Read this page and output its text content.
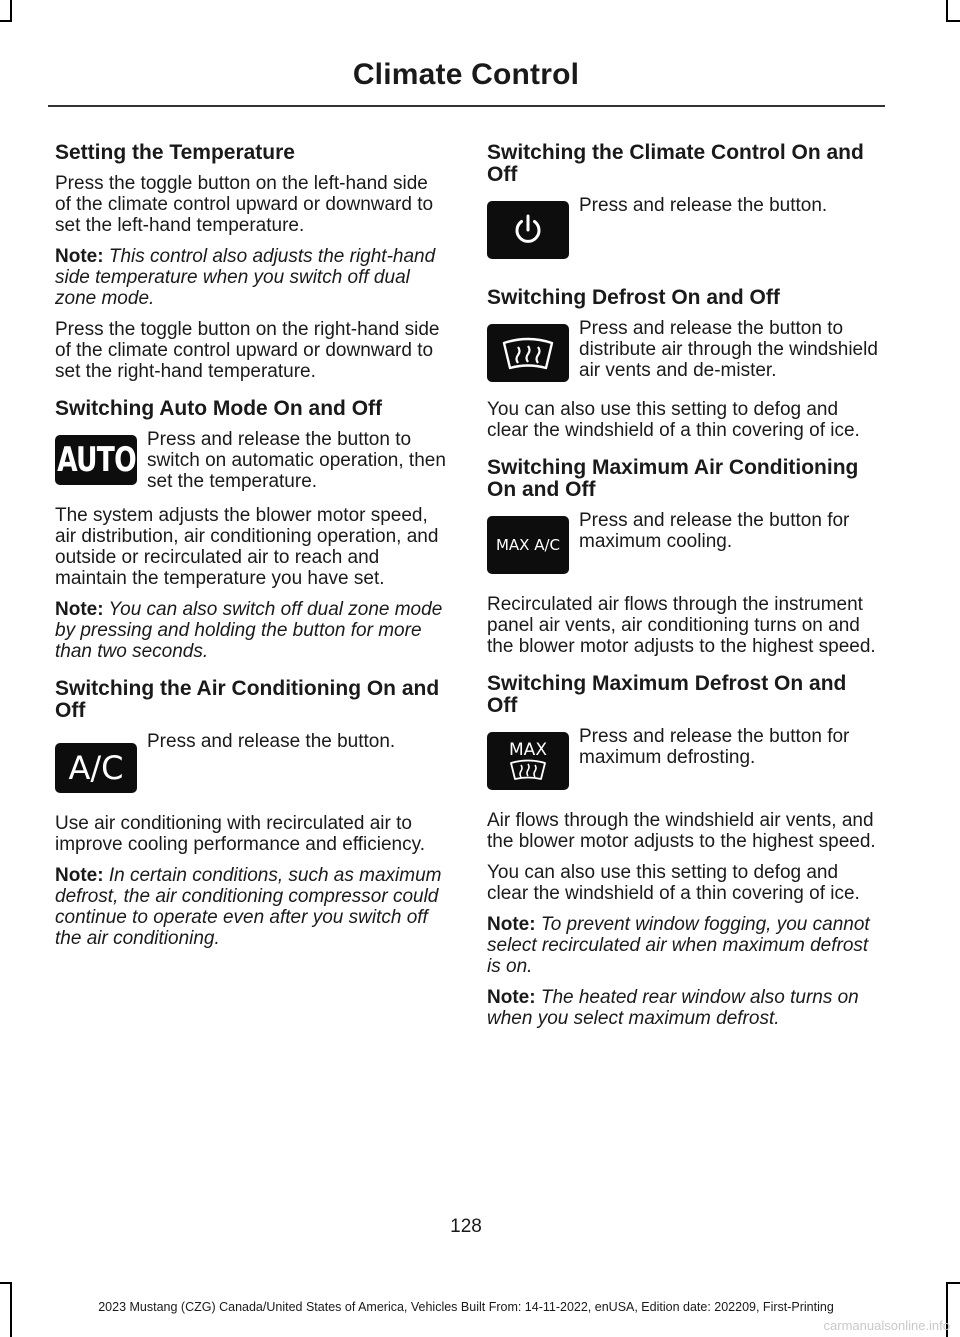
Climate Control
Setting the Temperature

Press the toggle button on the left-hand side of the climate control upward or downward to set the left-hand temperature.

Note: This control also adjusts the right-hand side temperature when you switch off dual zone mode.

Press the toggle button on the right-hand side of the climate control upward or downward to set the right-hand temperature.

Switching Auto Mode On and Off
AUTO

Press and release the button to switch on automatic operation, then set the temperature.

The system adjusts the blower motor speed, air distribution, air conditioning operation, and outside or recirculated air to reach and maintain the temperature you have set.

Note: You can also switch off dual zone mode by pressing and holding the button for more than two seconds.

Switching the Air Conditioning On and Off
A/C

Press and release the button.

Use air conditioning with recirculated air to improve cooling performance and efficiency.

Note: In certain conditions, such as maximum defrost, the air conditioning compressor could continue to operate even after you switch off the air conditioning.

Switching the Climate Control On and Off

Press and release the button.

Switching Defrost On and Off

Press and release the button to distribute air through the windshield air vents and de-mister.

You can also use this setting to defog and clear the windshield of a thin covering of ice.

Switching Maximum Air Conditioning On and Off
MAX A/C

Press and release the button for maximum cooling.

Recirculated air flows through the instrument panel air vents, air conditioning turns on and the blower motor adjusts to the highest speed.

Switching Maximum Defrost On and Off
MAX

Press and release the button for maximum defrosting.

Air flows through the windshield air vents, and the blower motor adjusts to the highest speed.

You can also use this setting to defog and clear the windshield of a thin covering of ice.

Note: To prevent window fogging, you cannot select recirculated air when maximum defrost is on.

Note: The heated rear window also turns on when you select maximum defrost.

128
2023 Mustang (CZG) Canada/United States of America, Vehicles Built From: 14-11-2022, enUSA, Edition date: 202209, First-Printing
carmanualsonline.info
